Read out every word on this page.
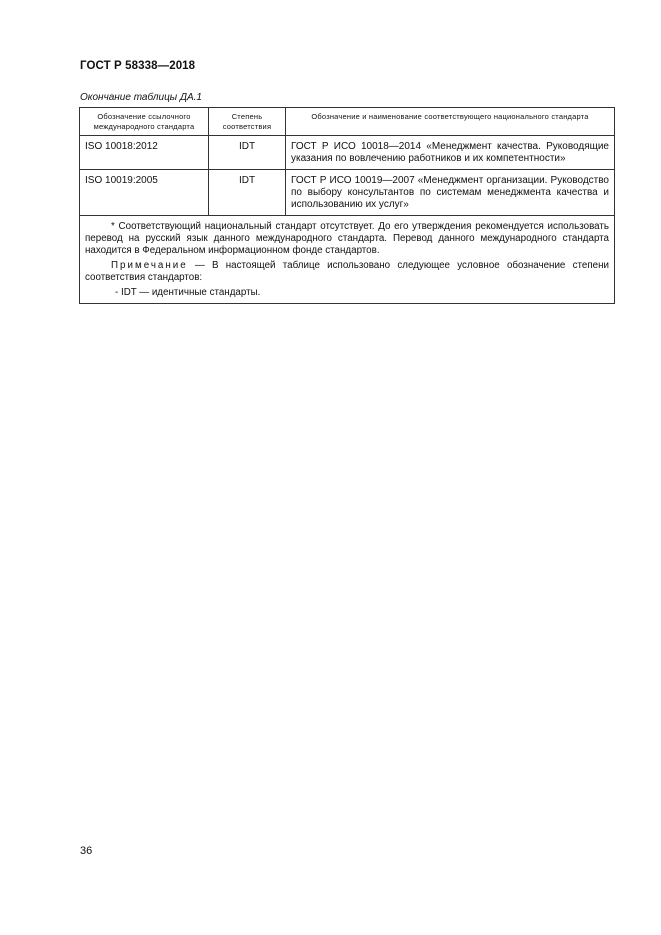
ГОСТ Р 58338—2018
Окончание таблицы ДА.1
Обозначение ссылочного международного стандарта	Степень соответствия	Обозначение и наименование соответствующего национального стандарта
ISO 10018:2012	IDT	ГОСТ Р ИСО 10018—2014 «Менеджмент качества. Руководящие указания по вовлечению работников и их компетентности»
ISO 10019:2005	IDT	ГОСТ Р ИСО 10019—2007 «Менеджмент организации. Руководство по выбору консультантов по системам менеджмента качества и использованию их услуг»

* Соответствующий национальный стандарт отсутствует. До его утверждения рекомендуется использовать перевод на русский язык данного международного стандарта. Перевод данного международного стандарта находится в Федеральном информационном фонде стандартов.

Примечание — В настоящей таблице использовано следующее условное обозначение степени соответствия стандартов:

- IDT — идентичные стандарты.		

36
